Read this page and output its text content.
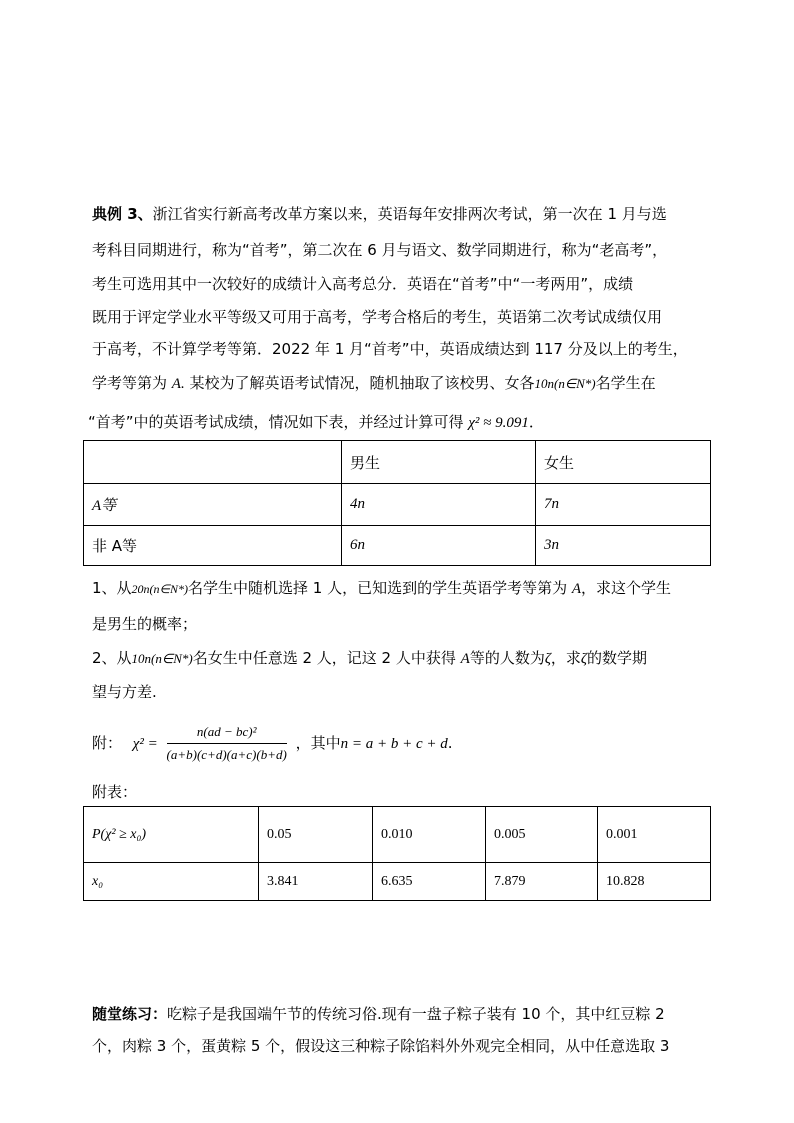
典例 3、浙江省实行新高考改革方案以来，英语每年安排两次考试，第一次在 1 月与选
考科目同期进行，称为“首考”，第二次在 6 月与语文、数学同期进行，称为“老高考”，
考生可选用其中一次较好的成绩计入高考总分．英语在“首考”中“一考两用”，成绩
既用于评定学业水平等级又可用于高考，学考合格后的考生，英语第二次考试成绩仅用
于高考，不计算学考等第．2022 年 1 月“首考”中，英语成绩达到 117 分及以上的考生，
学考等第为 A. 某校为了解英语考试情况，随机抽取了该校男、女各10n(n∈N*)名学生在
“首考”中的英语考试成绩，情况如下表，并经过计算可得 χ² ≈ 9.091．
	男生	女生
A等	4n	7n
非 A等	6n	3n
1、从20n(n∈N*)名学生中随机选择 1 人，已知选到的学生英语学考等第为 A，求这个学生
是男生的概率；
2、从10n(n∈N*)名女生中任意选 2 人，记这 2 人中获得 A等的人数为ζ，求ζ的数学期
望与方差.
附： $\chi^2 = \frac{\text{n(ad − bc)²}}{(a+b)(c+d)(a+c)(b+d)}$ ，其中n = a + b + c + d.
附表：
P(χ² ≥ x₀)	0.05	0.010	0.005	0.001
x₀	3.841	6.635	7.879	10.828
随堂练习：吃粽子是我国端午节的传统习俗.现有一盘子粽子装有 10 个，其中红豆粽 2
个，肉粽 3 个，蛋黄粽 5 个，假设这三种粽子除馅料外外观完全相同，从中任意选取 3
